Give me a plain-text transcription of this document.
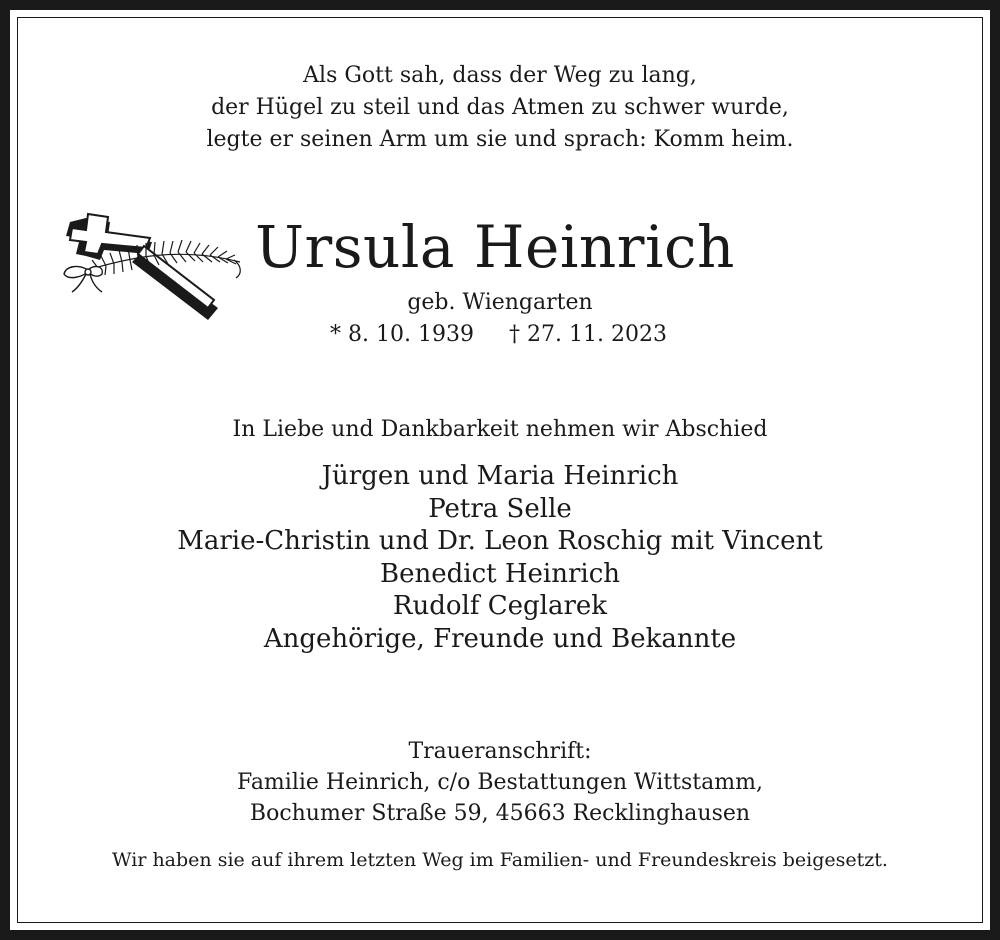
Als Gott sah, dass der Weg zu lang,
der Hügel zu steil und das Atmen zu schwer wurde,
legte er seinen Arm um sie und sprach: Komm heim.
Ursula Heinrich
geb. Wiengarten
* 8. 10. 1939 † 27. 11. 2023
In Liebe und Dankbarkeit nehmen wir Abschied
Jürgen und Maria Heinrich
Petra Selle
Marie-Christin und Dr. Leon Roschig mit Vincent
Benedict Heinrich
Rudolf Ceglarek
Angehörige, Freunde und Bekannte
Traueranschrift:
Familie Heinrich, c/o Bestattungen Wittstamm,
Bochumer Straße 59, 45663 Recklinghausen
Wir haben sie auf ihrem letzten Weg im Familien- und Freundeskreis beigesetzt.
